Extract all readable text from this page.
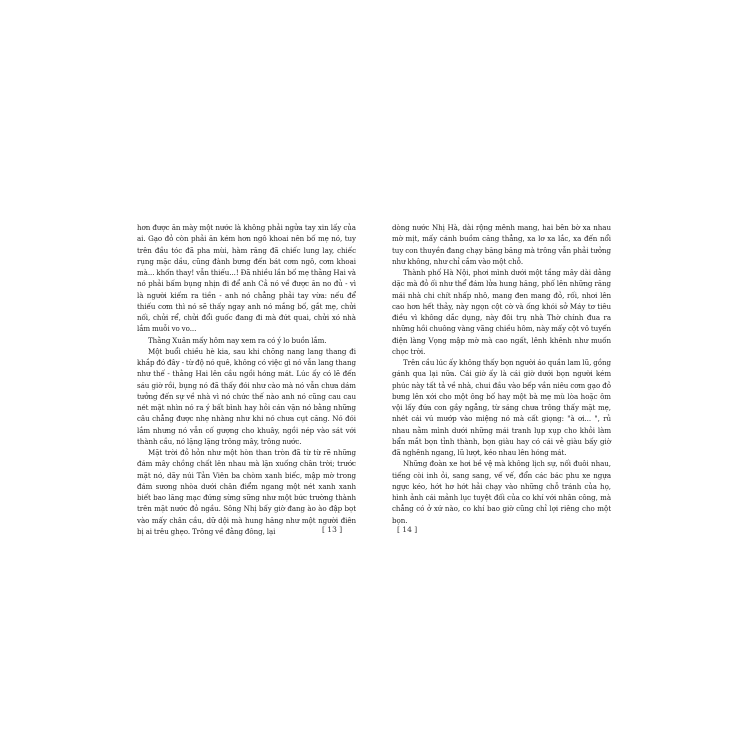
hơn được ăn mày một nước là không phải ngửa tay xin lấy của ai. Gạo đỏ còn phải ăn kém hơn ngô khoai nên bố mẹ nó, tuy trên đầu tóc đã pha mùi, hàm răng đã chiếc lung lay, chiếc rụng mặc dầu, cũng đành bưng đến bát cơm ngô, cơm khoai mà... khốn thay! vẫn thiếu...! Đã nhiều lần bố mẹ thằng Hai và nó phải bấm bụng nhịn đi để anh Cả nó về được ăn no đủ - vì là người kiếm ra tiền - anh nó chẳng phải tay vừa: nếu để thiếu cơm thì nó sẽ thấy ngay anh nó mắng bố, gắt mẹ, chửi nối, chửi rể, chửi đổi guốc đang đi mà đứt quai, chửi xó nhà lắm muỗi vo vo...

Thằng Xuân mấy hôm nay xem ra có ý lo buồn lắm.

Một buổi chiều hè kia, sau khi chõng nang lang thang đi khắp đó đây - từ độ nó quê, không có việc gì nó vẫn lang thang như thế - thằng Hai lên cầu ngồi hóng mát. Lúc ấy có lẽ đến sáu giờ rồi, bụng nó đã thấy đói như cào mà nó vẫn chưa dám tưởng đến sự về nhà vì nó chức thế nào anh nó cũng cau cau nét mặt nhìn nó ra ý bất bình hay hỏi cán vặn nó bằng những câu chẳng được nhẹ nhàng như khi nó chưa cụt căng. Nó đói lắm nhưng nó vẫn cố gượng cho khuây, ngồi nép vào sát với thành cầu, nó lặng lặng trông mây, trông nước.

Mặt trời đỏ hỏn như một hòn than tròn đã từ từ rẽ những đám mây chồng chất lên nhau mà lặn xuống chân trời; trước mặt nó, dãy núi Tản Viên ba chòm xanh biếc, mập mờ trong đám sương nhòa dưới chân điểm ngang một nét xanh xanh biết bao lăng mạc đứng sừng sững như một bức trường thành trên mặt nước đỏ ngầu. Sông Nhị bấy giờ đang ào ào đập bọt vào mấy chân cầu, dữ dội mà hung hăng như một người điên bị ai trêu ghẹo. Trông về đằng đông, lại	[ 13 ]

dòng nước Nhị Hà, dài rộng mênh mang, hai bên bờ xa nhau mờ mịt, mấy cánh buồm căng thẳng, xa lơ xa lắc, xa đến nổi tuy con thuyền đang chạy băng băng mà trông vẫn phải tưởng như không, như chỉ cắm vào một chỗ.

Thành phố Hà Nội, phơi mình dưới một tầng mây dài dằng dặc mà đỏ ối như thể đám lửa hung hăng, phố lên những răng mái nhà chi chít nhấp nhô, mang đen mang đỏ, rối, nhơi lên cao hơn hết thảy, này ngọn cột cờ và ống khói sở Máy tơ tiêu điều vì không dắc dụng, này đôi trụ nhà Thờ chính đua ra những hồi chuông vàng vãng chiều hôm, này mấy cột vô tuyến điện làng Vọng mập mờ mà cao ngất, lênh khênh như muốn chọc trời.

Trên cầu lúc ấy không thấy bọn người áo quần lam lũ, gồng gánh qua lại nữa. Cái giờ ấy là cái giờ dưới bọn người kém phúc này tất tả về nhà, chui đầu vào bếp vần niêu cơm gạo đỏ bưng lên xới cho một ông bố hay một bà mẹ mù lòa hoặc ôm vội lấy đứa con gầy ngẳng, từ sáng chưa trông thấy mặt mẹ, nhét cái vú mướp vào miệng nó mà cất giọng: "à ơi... ", rủ nhau nằm mình dưới những mái tranh lụp xụp cho khỏi làm bẩn mắt bọn tỉnh thành, bọn giàu hay có cái vẻ giàu bấy giờ đã nghênh ngang, lũ lượt, kéo nhau lên hóng mát.

Những đoàn xe hơi bề vệ mà không lịch sự, nối đuôi nhau, tiếng còi inh ỏi, sang sang, vế vế, đổn các bác phu xe ngựa ngực kéo, hớt hơ hớt hải chạy vào những chỗ tránh của họ, hình ảnh cái mảnh lục tuyệt đối của co khí với nhân công, mà chẳng có ở xứ nào, co khí bao giờ cũng chỉ lợi riêng cho một bọn.

[ 14 ]
